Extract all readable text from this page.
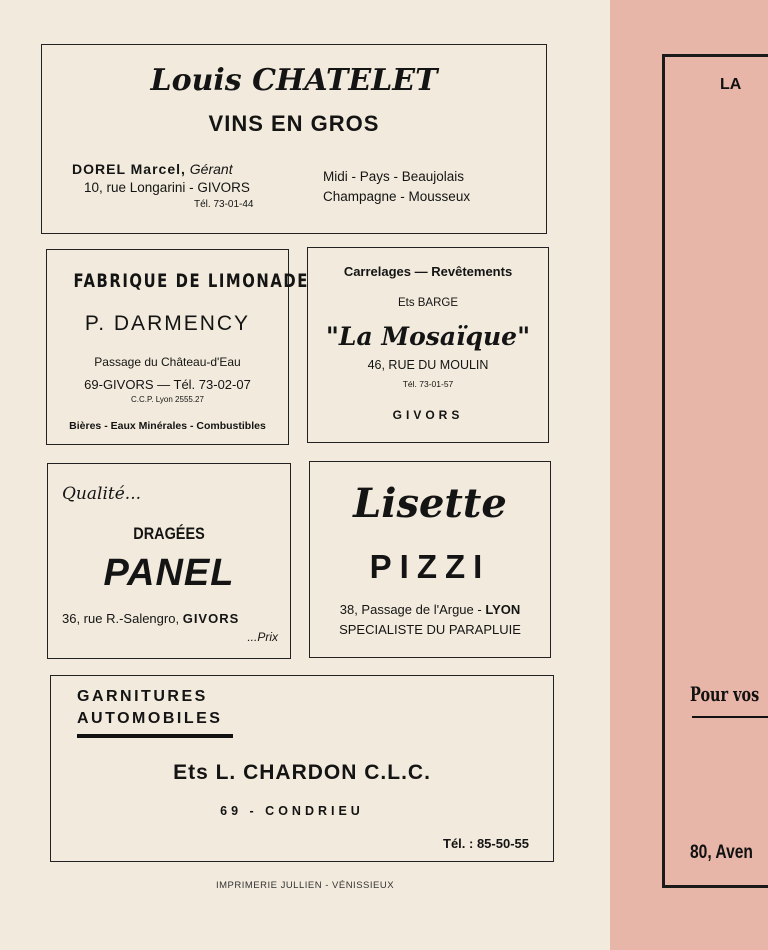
LA
Pour vos
80, Aven
Louis CHATELET
VINS EN GROS
DOREL Marcel, Gérant
10, rue Longarini - GIVORS
Tél. 73-01-44
Midi - Pays - Beaujolais
Champagne - Mousseux
FABRIQUE DE LIMONADE
P. DARMENCY
Passage du Château-d'Eau
69-GIVORS — Tél. 73-02-07
C.C.P. Lyon 2555.27
Bières - Eaux Minérales - Combustibles
Carrelages — Revêtements
Ets BARGE
"La Mosaïque"
46, RUE DU MOULIN
Tél. 73-01-57
GIVORS
Qualité...
DRAGÉES
PANEL
36, rue R.-Salengro, GIVORS
...Prix
Lisette
PIZZI
38, Passage de l'Argue - LYON
SPECIALISTE DU PARAPLUIE
GARNITURES
AUTOMOBILES
Ets L. CHARDON C.L.C.
69 - CONDRIEU
Tél. : 85-50-55
IMPRIMERIE JULLIEN - VÉNISSIEUX
